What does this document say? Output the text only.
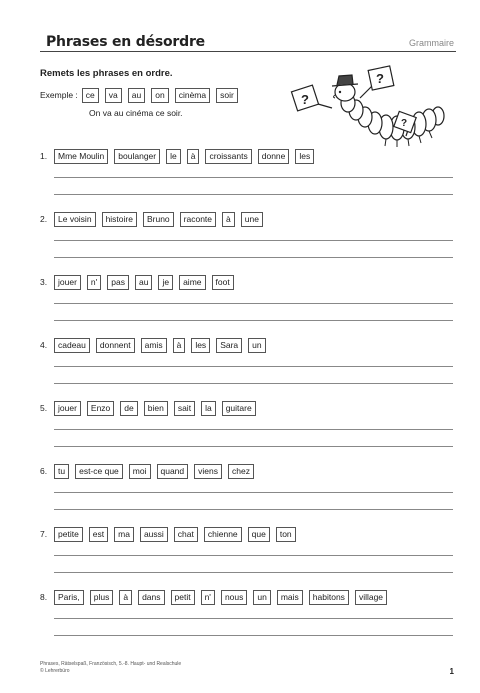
Phrases en désordre	Grammaire
Remets les phrases en ordre.
Exemple : ce	va	au	on	cinèma	soir
On va au cinéma ce soir.
?
?
?
1.	Mme Moulin	boulanger	le	à	croissants	donne	les
2.	Le voisin	histoire	Bruno	raconte	à	une
3.	jouer	n'	pas	au	je	aime	foot
4.	cadeau	donnent	amis	à	les	Sara	un
5.	jouer	Enzo	de	bien	sait	la	guitare
6.	tu	est-ce que	moi	quand	viens	chez
7.	petite	est	ma	aussi	chat	chienne	que	ton
8.	Paris,	plus	à	dans	petit	n'	nous	un	mais	habitons	village
Phrases, Rätselspaß, Französisch, 5.-8. Haupt- und Realschule
© Lehrerbüro	1
